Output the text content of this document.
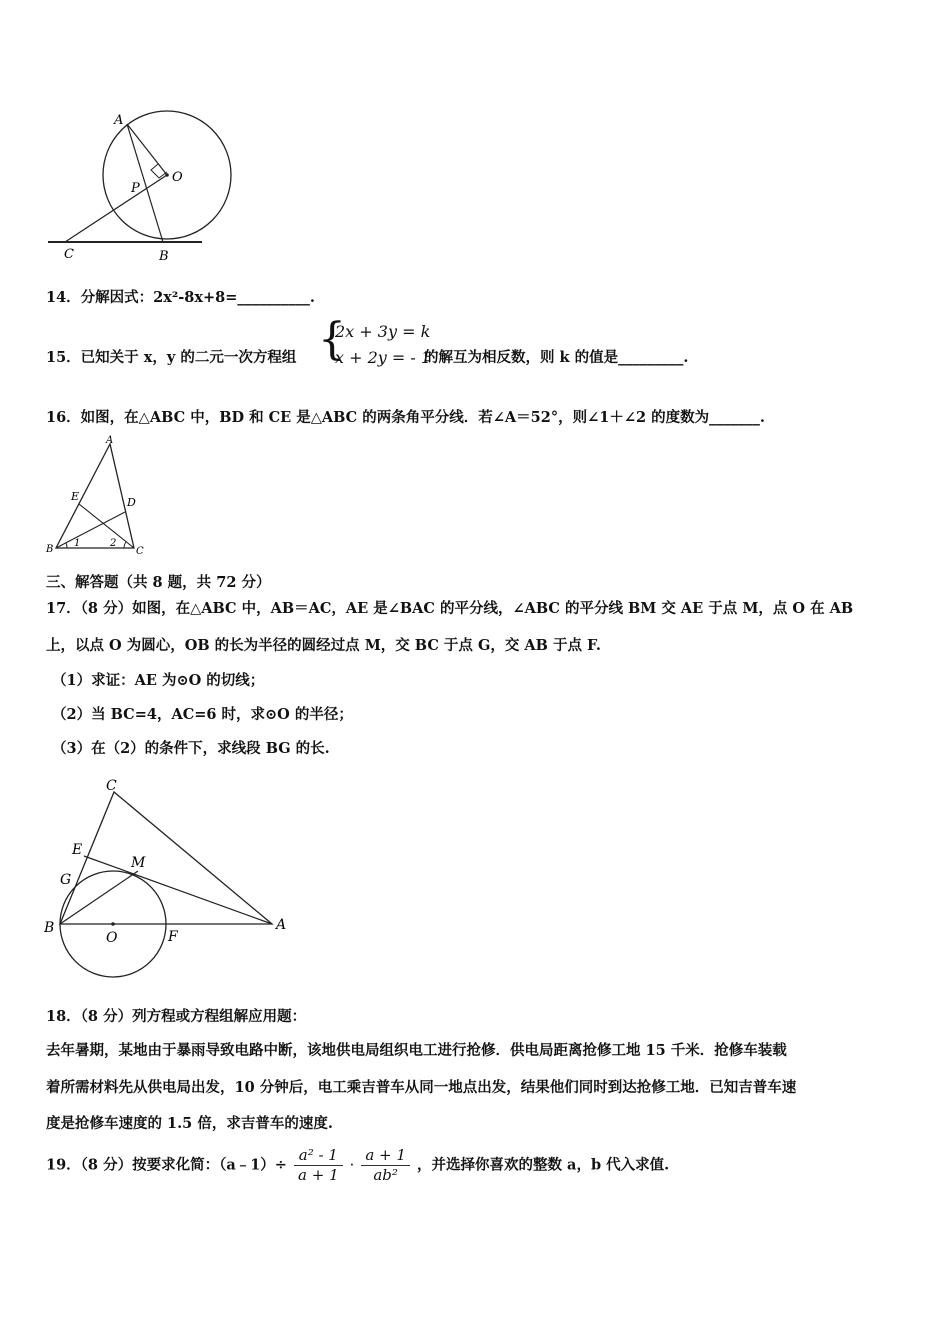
A
O
P
C	B
14．分解因式：2x²-8x+8=__________.
15．已知关于 x，y 的二元一次方程组 {
2x + 3y = k
x + 2y = - 1
的解互为相反数，则 k 的值是_________.
16．如图，在△ABC 中，BD 和 CE 是△ABC 的两条角平分线．若∠A＝52°，则∠1＋∠2 的度数为_______.
A
E	D
B	C
1	2
三、解答题（共 8 题，共 72 分）
17．（8 分）如图，在△ABC 中，AB＝AC，AE 是∠BAC 的平分线，∠ABC 的平分线 BM 交 AE 于点 M，点 O 在 AB
上，以点 O 为圆心，OB 的长为半径的圆经过点 M，交 BC 于点 G，交 AB 于点 F.
（1）求证：AE 为⊙O 的切线；
（2）当 BC=4，AC=6 时，求⊙O 的半径；
（3）在（2）的条件下，求线段 BG 的长.
C
E
M
G
B
O	F
A
18．（8 分）列方程或方程组解应用题：
去年暑期，某地由于暴雨导致电路中断，该地供电局组织电工进行抢修．供电局距离抢修工地 15 千米．抢修车装载
着所需材料先从供电局出发，10 分钟后，电工乘吉普车从同一地点出发，结果他们同时到达抢修工地．已知吉普车速
度是抢修车速度的 1.5 倍，求吉普车的速度.
19．（8 分）按要求化简：（a﹣1）÷ $\frac{\text{a² - 1}}{a + 1} \cdot \frac{a + 1}{\text{ab²}}$ ，并选择你喜欢的整数 a，b 代入求值.
